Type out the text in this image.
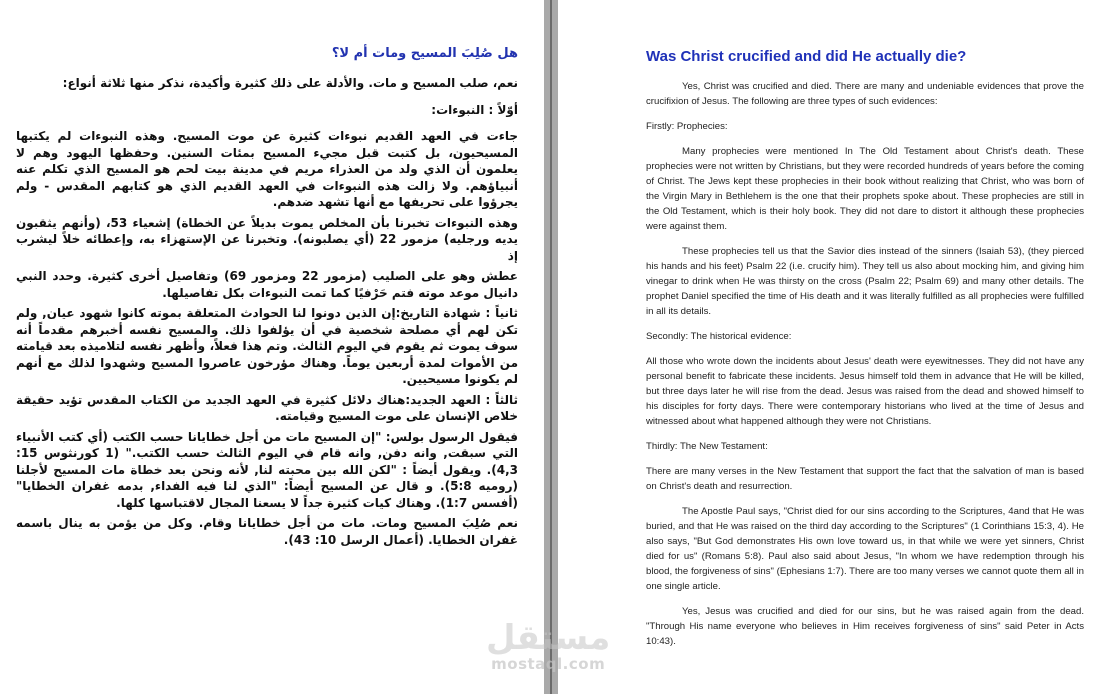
هل صُلِبَ المسيح ومات أم لا؟

نعم، صلب المسيح و مات. والأدلة على ذلك كثيرة وأكيدة، نذكر منها ثلاثة أنواع:

أوّلاً : النبوءات:

جاءت في العهد القديم نبوءات كثيرة عن موت المسيح. وهذه النبوءات لم يكتبها المسيحيون، بل كتبت قبل مجيء المسيح بمئات السنين. وحفظها اليهود وهم لا يعلمون أن الذي ولد من العذراء مريم في مدينة بيت لحم هو المسيح الذي تكلم عنه أنبياؤهم. ولا زالت هذه النبوءات في العهد القديم الذي هو كتابهم المقدس - ولم يجرؤوا على تحريفها مع أنها تشهد ضدهم.

وهذه النبوءات تخبرنا بأن المخلص يموت بديلاً عن الخطاة) إشعياء 53، (وأنهم يثقبون يديه ورجليه) مزمور 22 (أي يصلبونه). وتخبرنا عن الإستهزاء به، وإعطائه خلاً ليشرب إذ

عطش وهو على الصليب (مزمور 22 ومزمور 69) وتفاصيل أخرى كثيرة. وحدد النبي دانيال موعد موته فتم حَرْفيًا كما تمت النبوءات بكل تفاصيلها.

ثانياً : شهادة التاريخ:إن الذين دونوا لنا الحوادث المتعلقة بموته كانوا شهود عيان, ولم تكن لهم أي مصلحة شخصية في أن يؤلفوا ذلك. والمسيح نفسه أخبرهم مقدماً أنه سوف يموت ثم يقوم في اليوم الثالث. وتم هذا فعلاً، وأظهر نفسه لتلاميذه بعد قيامته من الأموات لمدة أربعين يوماً. وهناك مؤرخون عاصروا المسيح وشهدوا لذلك مع أنهم لم يكونوا مسيحيين.

ثالثاً : العهد الجديد:هناك دلائل كثيرة في العهد الجديد من الكتاب المقدس تؤيد حقيقة خلاص الإنسان على موت المسيح وقيامته.

فيقول الرسول بولس: "إن المسيح مات من أجل خطايانا حسب الكتب (أي كتب الأنبياء التي سبقت, وانه دفن, وانه قام في اليوم الثالث حسب الكتب." (1 كورنثوس 15: 4,3). ويقول أيضاً : "لكن الله بين محبته لنا, لأنه ونحن بعد خطاة مات المسيح لأجلنا (روميه 5:8). و قال عن المسيح أيضاً: "الذي لنا فيه الفداء, بدمه غفران الخطايا" (أفسس 1:7). وهناك كيات كثيرة جداً لا يسعنا المجال لاقتباسها كلها.

نعم صُلِبَ المسيح ومات. مات من أجل خطايانا وقام. وكل من يؤمن به ينال باسمه غفران الخطايا. (أعمال الرسل 10: 43).

Was Christ crucified and did He actually die?

Yes, Christ was crucified and died. There are many and undeniable evidences that prove the crucifixion of Jesus. The following are three types of such evidences:

Firstly: Prophecies:

Many prophecies were mentioned In The Old Testament about Christ's death. These prophecies were not written by Christians, but they were recorded hundreds of years before the coming of Christ. The Jews kept these prophecies in their book without realizing that Christ, who was born of the Virgin Mary in Bethlehem is the one that their prophets spoke about. These prophecies are still in the Old Testament, which is their holy book. They did not dare to distort it although these prophecies were against them.

These prophecies tell us that the Savior dies instead of the sinners (Isaiah 53), (they pierced his hands and his feet) Psalm 22 (i.e. crucify him). They tell us also about mocking him, and giving him vinegar to drink when He was thirsty on the cross (Psalm 22; Psalm 69) and many other details. The prophet Daniel specified the time of His death and it was literally fulfilled as all prophecies were fulfilled in all its details.

Secondly: The historical evidence:

All those who wrote down the incidents about Jesus' death were eyewitnesses. They did not have any personal benefit to fabricate these incidents. Jesus himself told them in advance that He will be killed, but three days later he will rise from the dead. Jesus was raised from the dead and showed himself to his disciples for forty days. There were contemporary historians who lived at the time of Jesus and witnessed about what happened although they were not Christians.

Thirdly: The New Testament:

There are many verses in the New Testament that support the fact that the salvation of man is based on Christ's death and resurrection.

The Apostle Paul says, "Christ died for our sins according to the Scriptures, 4and that He was buried, and that He was raised on the third day according to the Scriptures" (1 Corinthians 15:3, 4). He also says, "But God demonstrates His own love toward us, in that while we were yet sinners, Christ died for us" (Romans 5:8). Paul also said about Jesus, "In whom we have redemption through his blood, the forgiveness of sins" (Ephesians 1:7). There are too many verses we cannot quote them all in one single article.

Yes, Jesus was crucified and died for our sins, but he was raised again from the dead. "Through His name everyone who believes in Him receives forgiveness of sins" said Peter in Acts 10:43).

مستقل
mostaql.com
